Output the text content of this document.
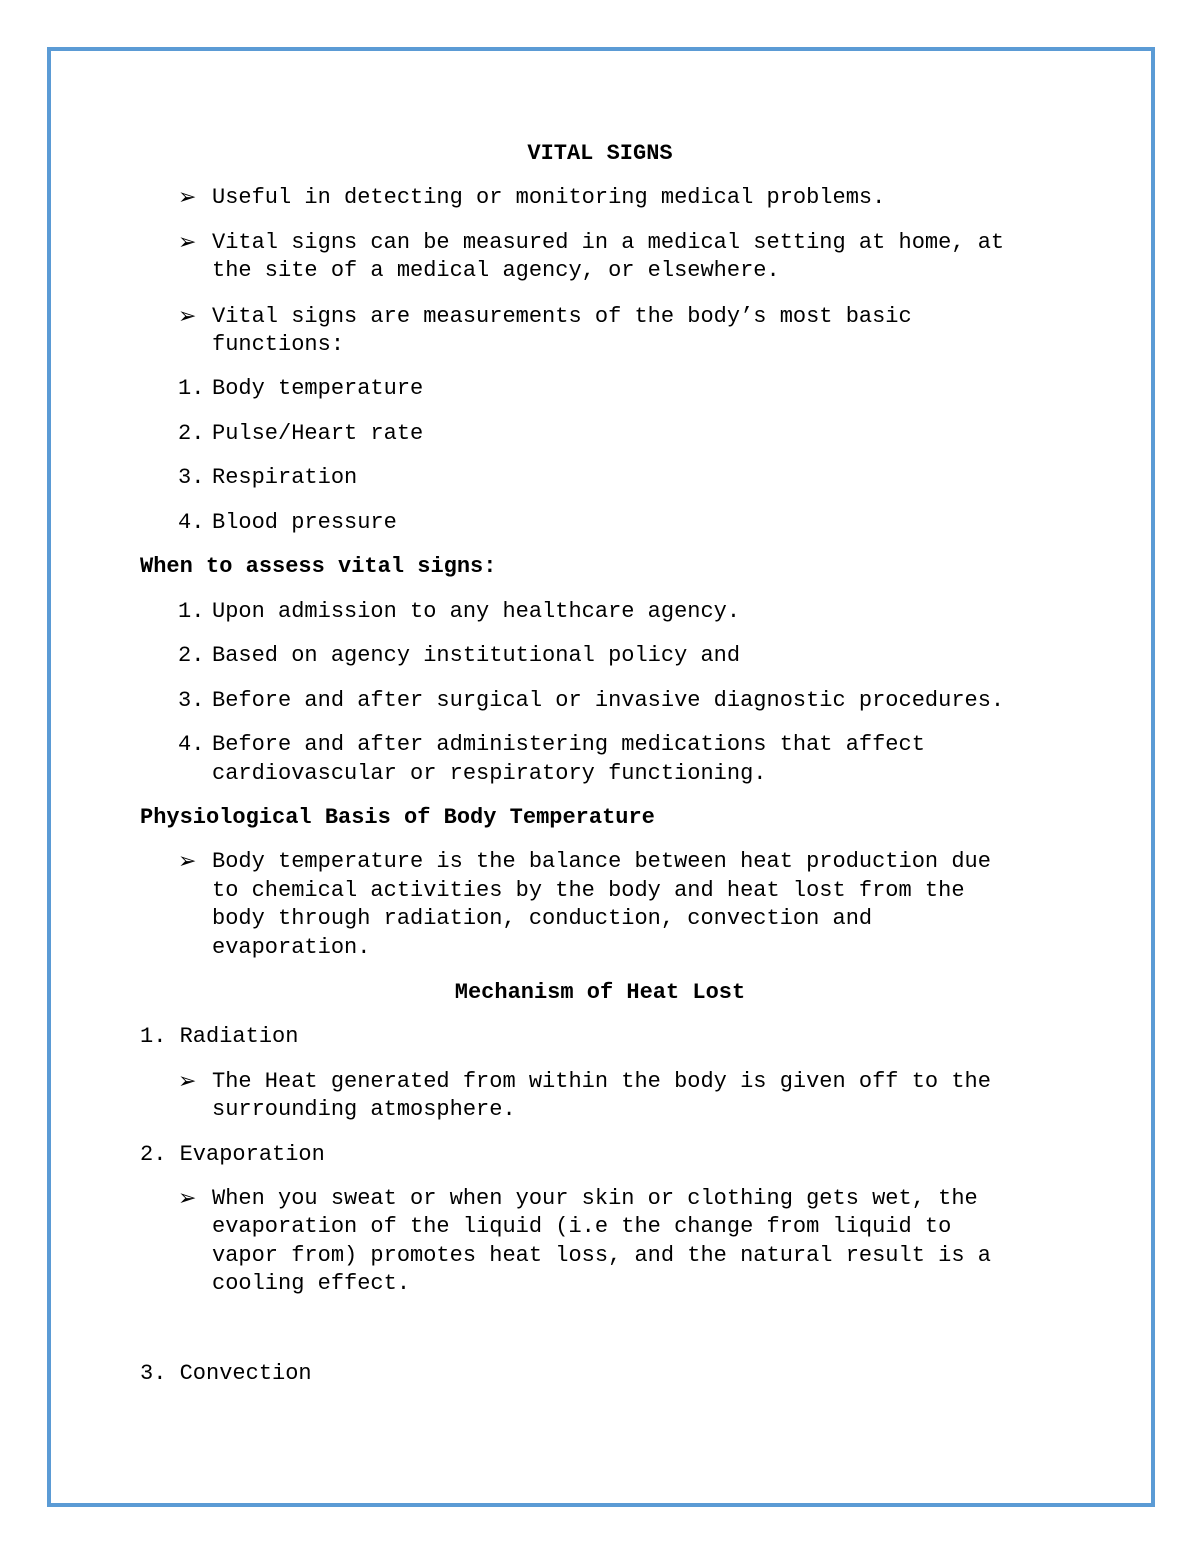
VITAL SIGNS
➢ Useful in detecting or monitoring medical problems.
➢ Vital signs can be measured in a medical setting at home, at
the site of a medical agency, or elsewhere.
➢ Vital signs are measurements of the body’s most basic
functions:
1. Body temperature
2. Pulse/Heart rate
3. Respiration
4. Blood pressure
When to assess vital signs:
1. Upon admission to any healthcare agency.
2. Based on agency institutional policy and
3. Before and after surgical or invasive diagnostic procedures.
4. Before and after administering medications that affect
cardiovascular or respiratory functioning.
Physiological Basis of Body Temperature
➢ Body temperature is the balance between heat production due
to chemical activities by the body and heat lost from the
body through radiation, conduction, convection and
evaporation.
Mechanism of Heat Lost
1. Radiation
➢ The Heat generated from within the body is given off to the
surrounding atmosphere.
2. Evaporation
➢ When you sweat or when your skin or clothing gets wet, the
evaporation of the liquid (i.e the change from liquid to
vapor from) promotes heat loss, and the natural result is a
cooling effect.
3. Convection
